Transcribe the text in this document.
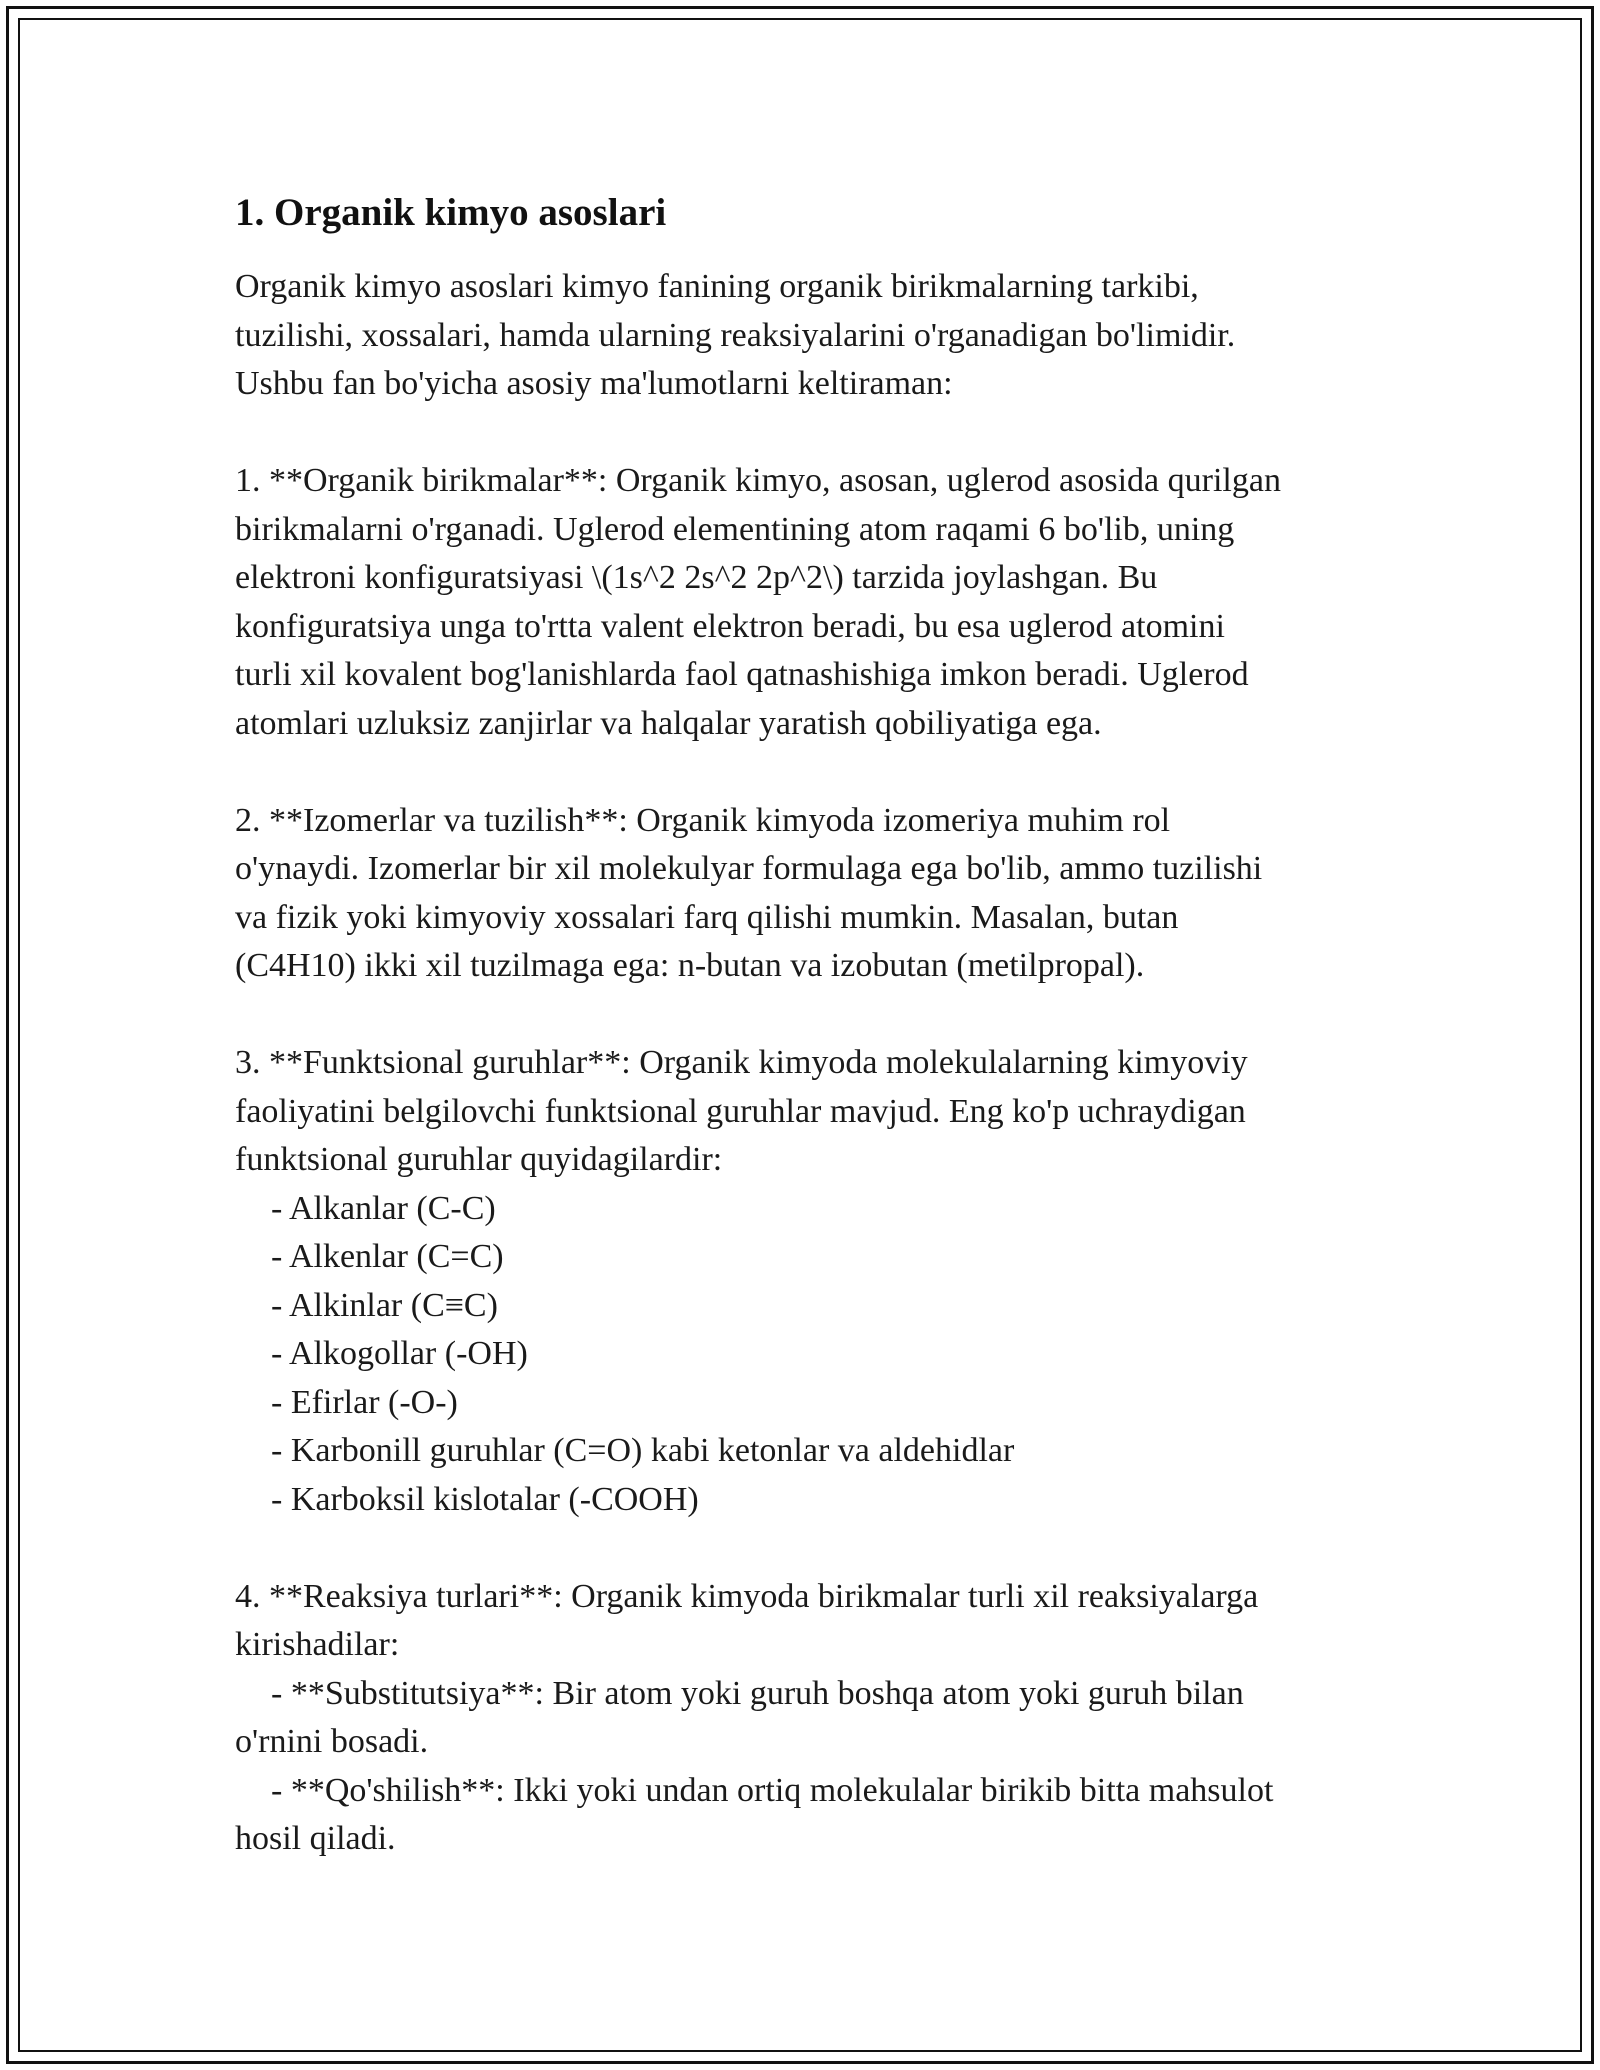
1. Organik kimyo asoslari

Organik kimyo asoslari kimyo fanining organik birikmalarning tarkibi,

tuzilishi, xossalari, hamda ularning reaksiyalarini o'rganadigan bo'limidir.

Ushbu fan bo'yicha asosiy ma'lumotlarni keltiraman:

1. **Organik birikmalar**: Organik kimyo, asosan, uglerod asosida qurilgan

birikmalarni o'rganadi. Uglerod elementining atom raqami 6 bo'lib, uning

elektroni konfiguratsiyasi \(1s^2 2s^2 2p^2\) tarzida joylashgan. Bu

konfiguratsiya unga to'rtta valent elektron beradi, bu esa uglerod atomini

turli xil kovalent bog'lanishlarda faol qatnashishiga imkon beradi. Uglerod

atomlari uzluksiz zanjirlar va halqalar yaratish qobiliyatiga ega.

2. **Izomerlar va tuzilish**: Organik kimyoda izomeriya muhim rol

o'ynaydi. Izomerlar bir xil molekulyar formulaga ega bo'lib, ammo tuzilishi

va fizik yoki kimyoviy xossalari farq qilishi mumkin. Masalan, butan

(C4H10) ikki xil tuzilmaga ega: n-butan va izobutan (metilpropal).

3. **Funktsional guruhlar**: Organik kimyoda molekulalarning kimyoviy

faoliyatini belgilovchi funktsional guruhlar mavjud. Eng ko'p uchraydigan

funktsional guruhlar quyidagilardir:

- Alkanlar (C-C)

- Alkenlar (C=C)

- Alkinlar (C≡C)

- Alkogollar (-OH)

- Efirlar (-O-)

- Karbonill guruhlar (C=O) kabi ketonlar va aldehidlar

- Karboksil kislotalar (-COOH)

4. **Reaksiya turlari**: Organik kimyoda birikmalar turli xil reaksiyalarga

kirishadilar:

- **Substitutsiya**: Bir atom yoki guruh boshqa atom yoki guruh bilan

o'rnini bosadi.

- **Qo'shilish**: Ikki yoki undan ortiq molekulalar birikib bitta mahsulot

hosil qiladi.
